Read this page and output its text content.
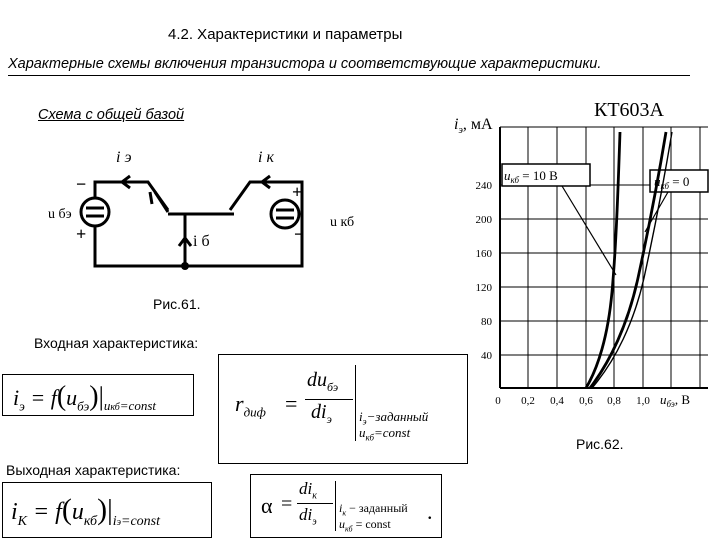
4.2. Характеристики и параметры
Характерные схемы включения транзистора и соответствующие характеристики.
Схема с общей базой
i э	i к
i б
u бэ
u кб
−
+
+
−
Рис.61.
КТ603А
$i_э$, мА
$u_{кб} = 10$ В	$u_{кб} = 0$
240
200
160
120
80
40
0 0,2 0,4 0,6 0,8 1,0 $u_{бэ}$, В
Рис.62.
Входная характеристика:
$i_э = f(u_{бэ})|_{uкб=const}$	$r_{диф}$ =
$du_{бэ}$
$di_э$ $i_э-заданный$
$u_{кб}=const$
Выходная характеристика:
$i_К = f(u_{кб})|_{iэ=const}$
α =
$di_к$
$di_э$
$i_к$ − заданный
$u_{кб}$ = const .
